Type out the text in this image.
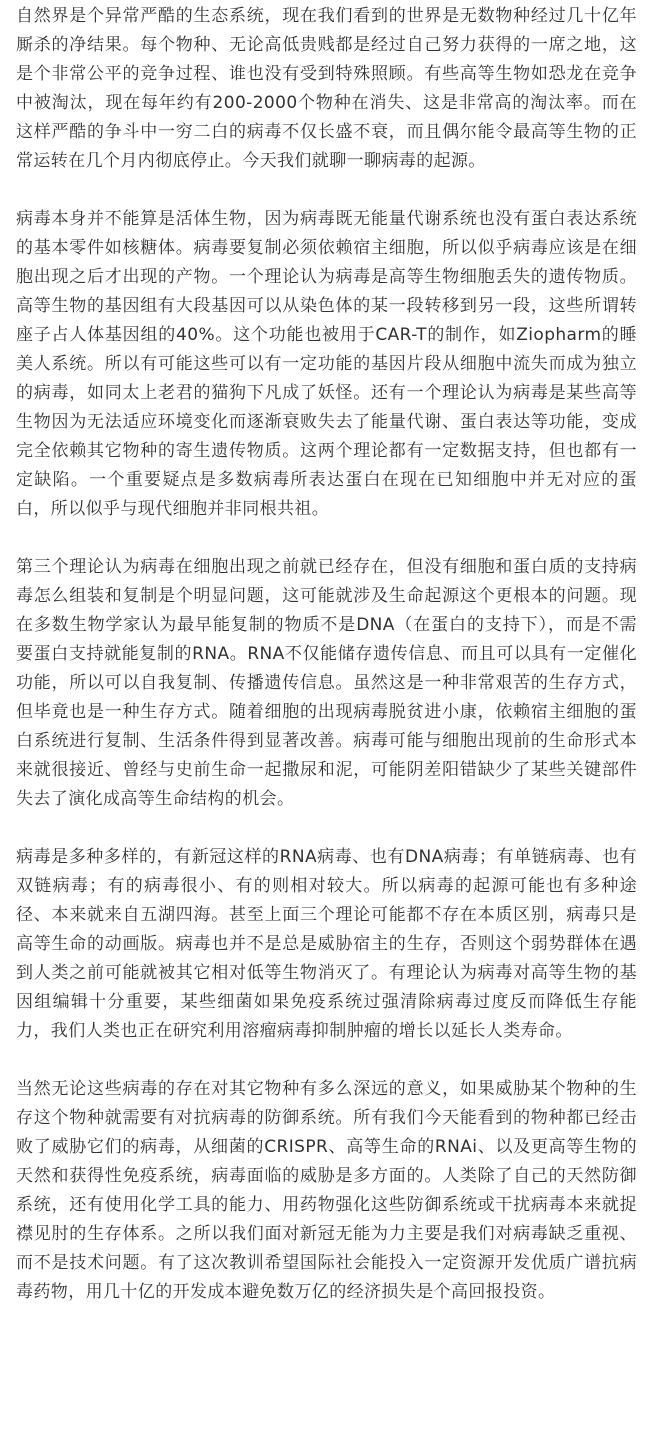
自然界是个异常严酷的生态系统，现在我们看到的世界是无数物种经过几十亿年厮杀的净结果。每个物种、无论高低贵贱都是经过自己努力获得的一席之地，这是个非常公平的竞争过程、谁也没有受到特殊照顾。有些高等生物如恐龙在竞争中被淘汰，现在每年约有200-2000个物种在消失、这是非常高的淘汰率。而在这样严酷的争斗中一穷二白的病毒不仅长盛不衰，而且偶尔能令最高等生物的正常运转在几个月内彻底停止。今天我们就聊一聊病毒的起源。

病毒本身并不能算是活体生物，因为病毒既无能量代谢系统也没有蛋白表达系统的基本零件如核糖体。病毒要复制必须依赖宿主细胞，所以似乎病毒应该是在细胞出现之后才出现的产物。一个理论认为病毒是高等生物细胞丢失的遗传物质。高等生物的基因组有大段基因可以从染色体的某一段转移到另一段，这些所谓转座子占人体基因组的40%。这个功能也被用于CAR-T的制作，如Ziopharm的睡美人系统。所以有可能这些可以有一定功能的基因片段从细胞中流失而成为独立的病毒，如同太上老君的猫狗下凡成了妖怪。还有一个理论认为病毒是某些高等生物因为无法适应环境变化而逐渐衰败失去了能量代谢、蛋白表达等功能，变成完全依赖其它物种的寄生遗传物质。这两个理论都有一定数据支持，但也都有一定缺陷。一个重要疑点是多数病毒所表达蛋白在现在已知细胞中并无对应的蛋白，所以似乎与现代细胞并非同根共祖。

第三个理论认为病毒在细胞出现之前就已经存在，但没有细胞和蛋白质的支持病毒怎么组装和复制是个明显问题，这可能就涉及生命起源这个更根本的问题。现在多数生物学家认为最早能复制的物质不是DNA（在蛋白的支持下），而是不需要蛋白支持就能复制的RNA。RNA不仅能储存遗传信息、而且可以具有一定催化功能，所以可以自我复制、传播遗传信息。虽然这是一种非常艰苦的生存方式，但毕竟也是一种生存方式。随着细胞的出现病毒脱贫进小康，依赖宿主细胞的蛋白系统进行复制、生活条件得到显著改善。病毒可能与细胞出现前的生命形式本来就很接近、曾经与史前生命一起撒尿和泥，可能阴差阳错缺少了某些关键部件失去了演化成高等生命结构的机会。

病毒是多种多样的，有新冠这样的RNA病毒、也有DNA病毒；有单链病毒、也有双链病毒；有的病毒很小、有的则相对较大。所以病毒的起源可能也有多种途径、本来就来自五湖四海。甚至上面三个理论可能都不存在本质区别，病毒只是高等生命的动画版。病毒也并不是总是威胁宿主的生存，否则这个弱势群体在遇到人类之前可能就被其它相对低等生物消灭了。有理论认为病毒对高等生物的基因组编辑十分重要，某些细菌如果免疫系统过强清除病毒过度反而降低生存能力，我们人类也正在研究利用溶瘤病毒抑制肿瘤的增长以延长人类寿命。

当然无论这些病毒的存在对其它物种有多么深远的意义，如果威胁某个物种的生存这个物种就需要有对抗病毒的防御系统。所有我们今天能看到的物种都已经击败了威胁它们的病毒，从细菌的CRISPR、高等生命的RNAi、以及更高等生物的天然和获得性免疫系统，病毒面临的威胁是多方面的。人类除了自己的天然防御系统，还有使用化学工具的能力、用药物强化这些防御系统或干扰病毒本来就捉襟见肘的生存体系。之所以我们面对新冠无能为力主要是我们对病毒缺乏重视、而不是技术问题。有了这次教训希望国际社会能投入一定资源开发优质广谱抗病毒药物，用几十亿的开发成本避免数万亿的经济损失是个高回报投资。
